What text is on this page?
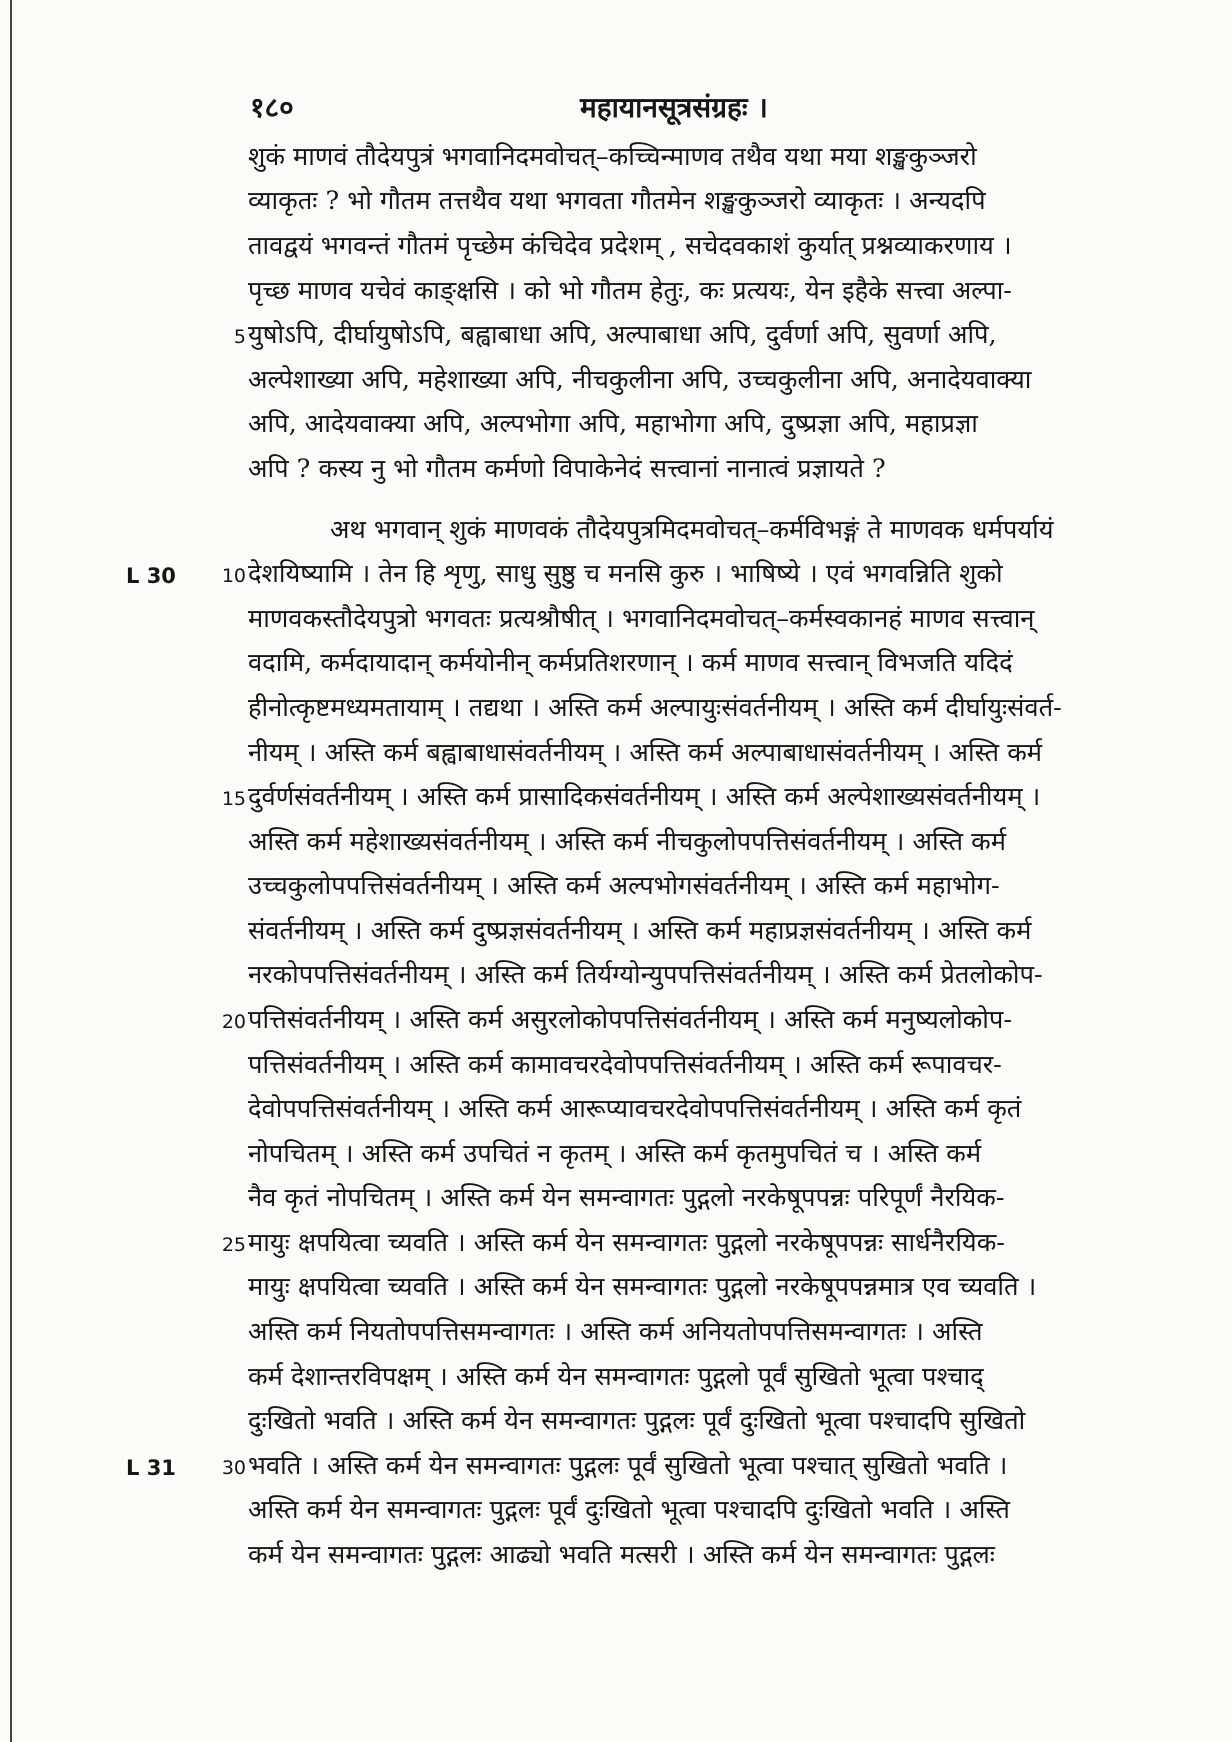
१८०	महायानसूत्रसंग्रहः ।
शुकं माणवं तौदेयपुत्रं भगवानिदमवोचत्–कच्चिन्माणव तथैव यथा मया शङ्खकुञ्जरो
व्याकृतः ? भो गौतम तत्तथैव यथा भगवता गौतमेन शङ्खकुञ्जरो व्याकृतः । अन्यदपि
तावद्वयं भगवन्तं गौतमं पृच्छेम कंचिदेव प्रदेशम् , सचेदवकाशं कुर्यात् प्रश्नव्याकरणाय ।
पृच्छ माणव यचेवं काङ्क्षसि । को भो गौतम हेतुः, कः प्रत्ययः, येन इहैके सत्त्वा अल्पा-
युषोऽपि, दीर्घायुषोऽपि, बह्वाबाधा अपि, अल्पाबाधा अपि, दुर्वर्णा अपि, सुवर्णा अपि,
अल्पेशाख्या अपि, महेशाख्या अपि, नीचकुलीना अपि, उच्चकुलीना अपि, अनादेयवाक्या
अपि, आदेयवाक्या अपि, अल्पभोगा अपि, महाभोगा अपि, दुष्प्रज्ञा अपि, महाप्रज्ञा
अपि ? कस्य नु भो गौतम कर्मणो विपाकेनेदं सत्त्वानां नानात्वं प्रज्ञायते ?
अथ भगवान् शुकं माणवकं तौदेयपुत्रमिदमवोचत्–कर्मविभङ्गं ते माणवक धर्मपर्यायं
देशयिष्यामि । तेन हि शृणु, साधु सुष्ठु च मनसि कुरु । भाषिष्ये । एवं भगवन्निति शुको
माणवकस्तौदेयपुत्रो भगवतः प्रत्यश्रौषीत् । भगवानिदमवोचत्–कर्मस्वकानहं माणव सत्त्वान्
वदामि, कर्मदायादान् कर्मयोनीन् कर्मप्रतिशरणान् । कर्म माणव सत्त्वान् विभजति यदिदं
हीनोत्कृष्टमध्यमतायाम् । तद्यथा । अस्ति कर्म अल्पायुःसंवर्तनीयम् । अस्ति कर्म दीर्घायुःसंवर्त-
नीयम् । अस्ति कर्म बह्वाबाधासंवर्तनीयम् । अस्ति कर्म अल्पाबाधासंवर्तनीयम् । अस्ति कर्म
दुर्वर्णसंवर्तनीयम् । अस्ति कर्म प्रासादिकसंवर्तनीयम् । अस्ति कर्म अल्पेशाख्यसंवर्तनीयम् ।
अस्ति कर्म महेशाख्यसंवर्तनीयम् । अस्ति कर्म नीचकुलोपपत्तिसंवर्तनीयम् । अस्ति कर्म
उच्चकुलोपपत्तिसंवर्तनीयम् । अस्ति कर्म अल्पभोगसंवर्तनीयम् । अस्ति कर्म महाभोग-
संवर्तनीयम् । अस्ति कर्म दुष्प्रज्ञसंवर्तनीयम् । अस्ति कर्म महाप्रज्ञसंवर्तनीयम् । अस्ति कर्म
नरकोपपत्तिसंवर्तनीयम् । अस्ति कर्म तिर्यग्योन्युपपत्तिसंवर्तनीयम् । अस्ति कर्म प्रेतलोकोप-
पत्तिसंवर्तनीयम् । अस्ति कर्म असुरलोकोपपत्तिसंवर्तनीयम् । अस्ति कर्म मनुष्यलोकोप-
पत्तिसंवर्तनीयम् । अस्ति कर्म कामावचरदेवोपपत्तिसंवर्तनीयम् । अस्ति कर्म रूपावचर-
देवोपपत्तिसंवर्तनीयम् । अस्ति कर्म आरूप्यावचरदेवोपपत्तिसंवर्तनीयम् । अस्ति कर्म कृतं
नोपचितम् । अस्ति कर्म उपचितं न कृतम् । अस्ति कर्म कृतमुपचितं च । अस्ति कर्म
नैव कृतं नोपचितम् । अस्ति कर्म येन समन्वागतः पुद्गलो नरकेषूपपन्नः परिपूर्णं नैरयिक-
मायुः क्षपयित्वा च्यवति । अस्ति कर्म येन समन्वागतः पुद्गलो नरकेषूपपन्नः सार्धनैरयिक-
मायुः क्षपयित्वा च्यवति । अस्ति कर्म येन समन्वागतः पुद्गलो नरकेषूपपन्नमात्र एव च्यवति ।
अस्ति कर्म नियतोपपत्तिसमन्वागतः । अस्ति कर्म अनियतोपपत्तिसमन्वागतः । अस्ति
कर्म देशान्तरविपक्षम् । अस्ति कर्म येन समन्वागतः पुद्गलो पूर्वं सुखितो भूत्वा पश्चाद्
दुःखितो भवति । अस्ति कर्म येन समन्वागतः पुद्गलः पूर्वं दुःखितो भूत्वा पश्चादपि सुखितो
भवति । अस्ति कर्म येन समन्वागतः पुद्गलः पूर्वं सुखितो भूत्वा पश्चात् सुखितो भवति ।
अस्ति कर्म येन समन्वागतः पुद्गलः पूर्वं दुःखितो भूत्वा पश्चादपि दुःखितो भवति । अस्ति
कर्म येन समन्वागतः पुद्गलः आढ्यो भवति मत्सरी । अस्ति कर्म येन समन्वागतः पुद्गलः
5
10
15
20
25
30
L 30
L 31
